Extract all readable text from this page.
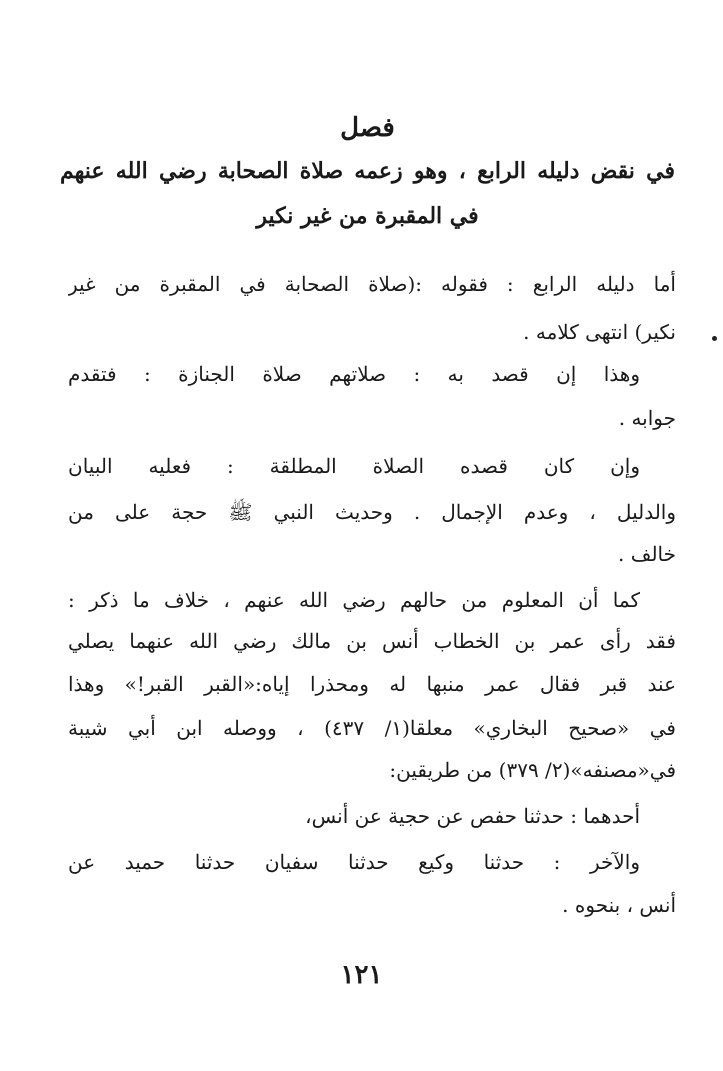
فصل
في نقض دليله الرابع ، وهو زعمه صلاة الصحابة رضي الله عنهم
في المقبرة من غير نكير
أما دليله الرابع : فقوله :(صلاة الصحابة في المقبرة من غير
نكير) انتهى كلامه .
وهذا إن قصد به : صلاتهم صلاة الجنازة : فتقدم
جوابه .
وإن كان قصده الصلاة المطلقة : فعليه البيان
والدليل ، وعدم الإجمال . وحديث النبي ﷺ حجة على من
خالف .
كما أن المعلوم من حالهم رضي الله عنهم ، خلاف ما ذكر :
فقد رأى عمر بن الخطاب أنس بن مالك رضي الله عنهما يصلي
عند قبر فقال عمر منبها له ومحذرا إياه:«القبر القبر!» وهذا
في «صحيح البخاري» معلقا(١/ ٤٣٧) ، ووصله ابن أبي شيبة
في«مصنفه»(٢/ ٣٧٩) من طريقين:
أحدهما : حدثنا حفص عن حجية عن أنس،
والآخر : حدثنا وكيع حدثنا سفيان حدثنا حميد عن
أنس ، بنحوه .
١٢١
